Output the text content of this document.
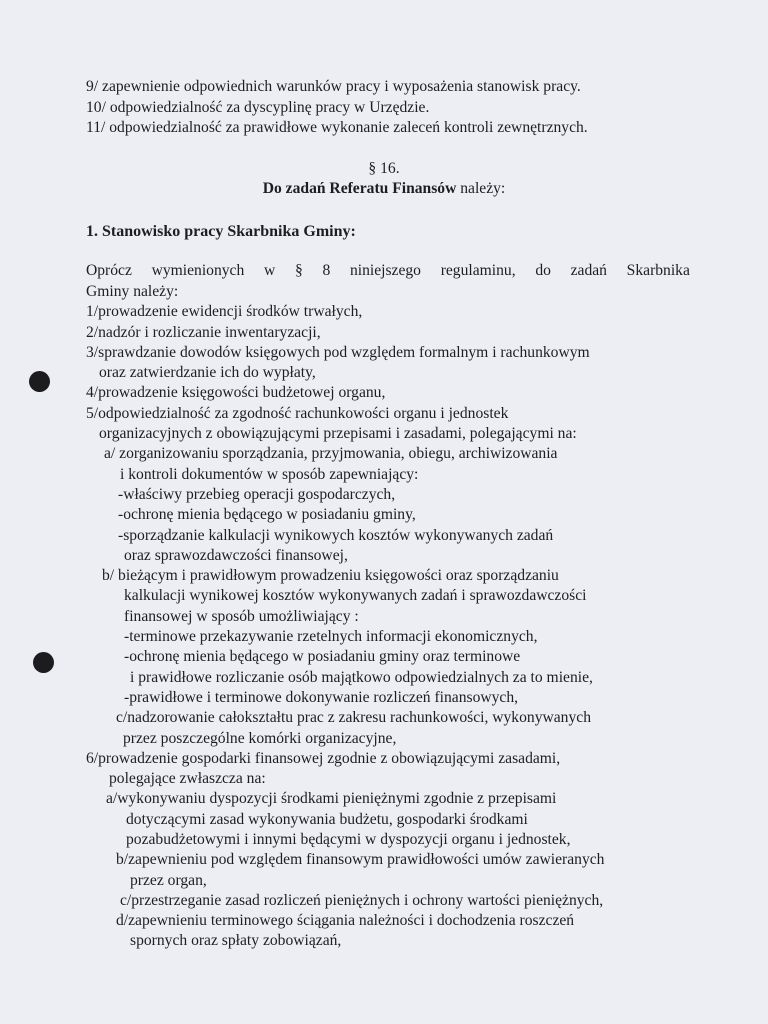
9/ zapewnienie odpowiednich warunków pracy i wyposażenia stanowisk pracy.
10/ odpowiedzialność za dyscyplinę pracy w Urzędzie.
11/ odpowiedzialność za prawidłowe wykonanie zaleceń kontroli zewnętrznych.
§ 16.
Do zadań Referatu Finansów należy:
1. Stanowisko pracy Skarbnika Gminy:
Oprócz wymienionych w § 8 niniejszego regulaminu, do zadań Skarbnika
Gminy należy:
1/prowadzenie ewidencji środków trwałych,
2/nadzór i rozliczanie inwentaryzacji,
3/sprawdzanie dowodów księgowych pod względem formalnym i rachunkowym
oraz zatwierdzanie ich do wypłaty,
4/prowadzenie księgowości budżetowej organu,
5/odpowiedzialność za zgodność rachunkowości organu i jednostek
organizacyjnych z obowiązującymi przepisami i zasadami, polegającymi na:
a/ zorganizowaniu sporządzania, przyjmowania, obiegu, archiwizowania
i kontroli dokumentów w sposób zapewniający:
-właściwy przebieg operacji gospodarczych,
-ochronę mienia będącego w posiadaniu gminy,
-sporządzanie kalkulacji wynikowych kosztów wykonywanych zadań
oraz sprawozdawczości finansowej,
b/ bieżącym i prawidłowym prowadzeniu księgowości oraz sporządzaniu
kalkulacji wynikowej kosztów wykonywanych zadań i sprawozdawczości
finansowej w sposób umożliwiający :
-terminowe przekazywanie rzetelnych informacji ekonomicznych,
-ochronę mienia będącego w posiadaniu gminy oraz terminowe
i prawidłowe rozliczanie osób majątkowo odpowiedzialnych za to mienie,
-prawidłowe i terminowe dokonywanie rozliczeń finansowych,
c/nadzorowanie całokształtu prac z zakresu rachunkowości, wykonywanych
przez poszczególne komórki organizacyjne,
6/prowadzenie gospodarki finansowej zgodnie z obowiązującymi zasadami,
polegające zwłaszcza na:
a/wykonywaniu dyspozycji środkami pieniężnymi zgodnie z przepisami
dotyczącymi zasad wykonywania budżetu, gospodarki środkami
pozabudżetowymi i innymi będącymi w dyspozycji organu i jednostek,
b/zapewnieniu pod względem finansowym prawidłowości umów zawieranych
przez organ,
c/przestrzeganie zasad rozliczeń pieniężnych i ochrony wartości pieniężnych,
d/zapewnieniu terminowego ściągania należności i dochodzenia roszczeń
spornych oraz spłaty zobowiązań,
